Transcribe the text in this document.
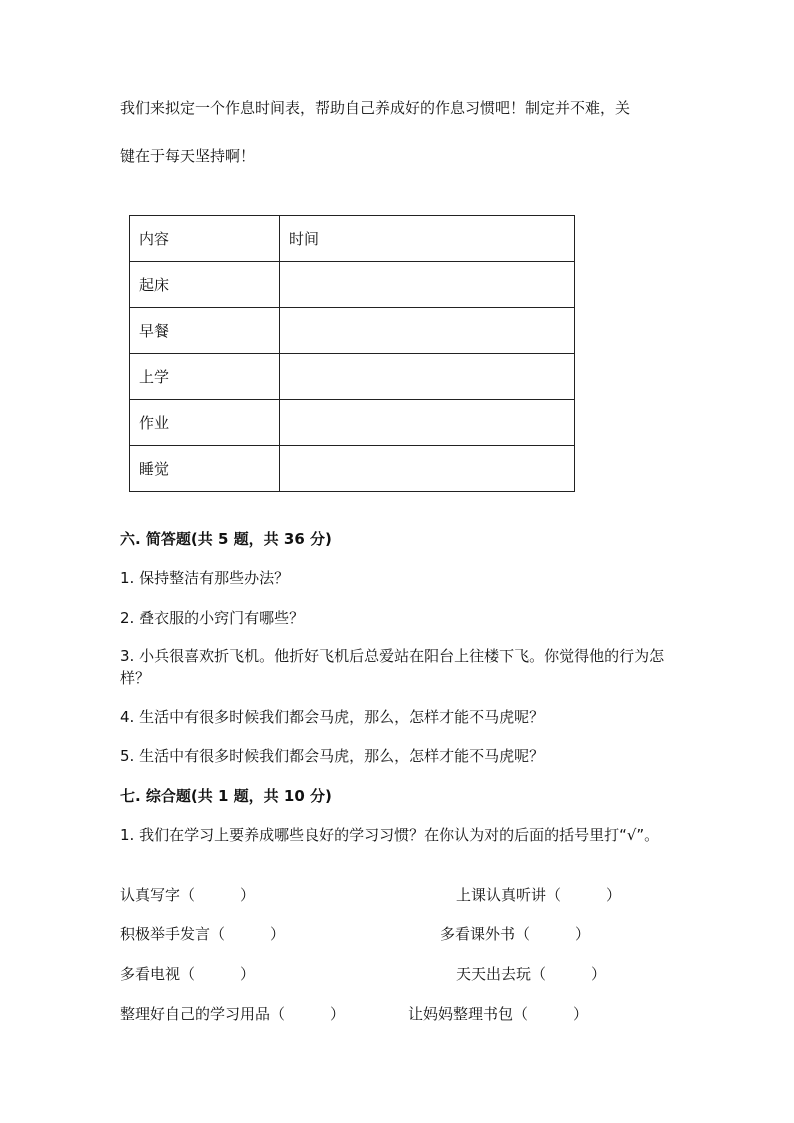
我们来拟定一个作息时间表，帮助自己养成好的作息习惯吧！制定并不难，关
键在于每天坚持啊！
内容	时间
起床	
早餐	
上学	
作业	
睡觉	
六. 简答题(共 5 题，共 36 分)
1. 保持整洁有那些办法？
2. 叠衣服的小窍门有哪些？
3. 小兵很喜欢折飞机。他折好飞机后总爱站在阳台上往楼下飞。你觉得他的行为怎样？
4. 生活中有很多时候我们都会马虎，那么，怎样才能不马虎呢？
5. 生活中有很多时候我们都会马虎，那么，怎样才能不马虎呢？
七. 综合题(共 1 题，共 10 分)
1. 我们在学习上要养成哪些良好的学习习惯？在你认为对的后面的括号里打“√”。
认真写字（　　　）	上课认真听讲（　　　）
积极举手发言（　　　）	多看课外书（　　　）
多看电视（　　　）	天天出去玩（　　　）
整理好自己的学习用品（　　　）	让妈妈整理书包（　　　）
